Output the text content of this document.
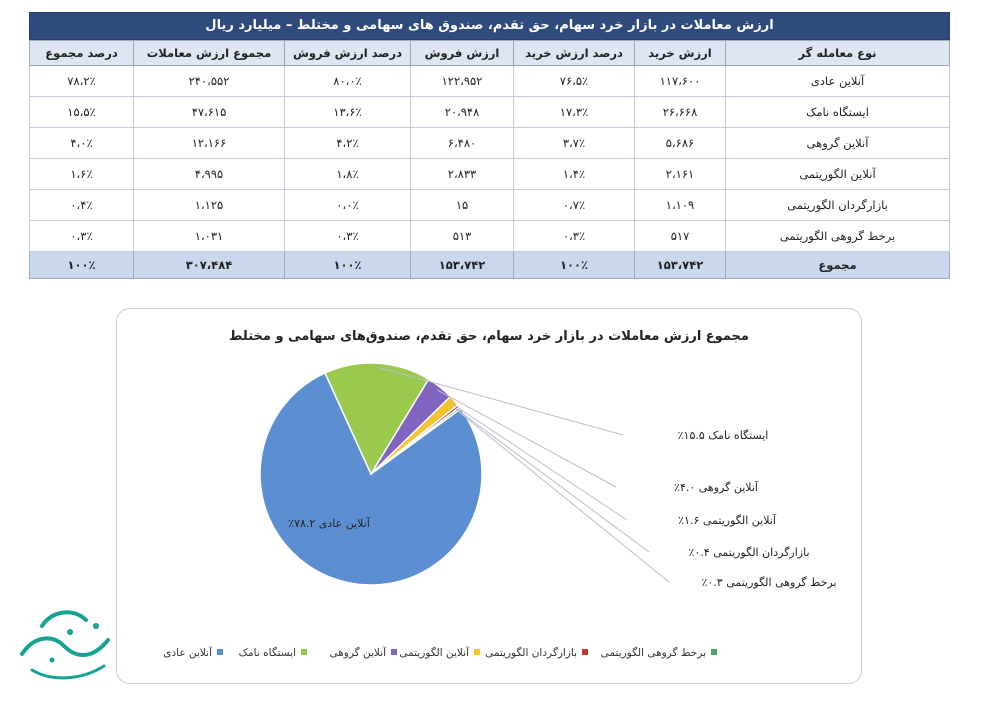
ارزش معاملات در بازار خرد سهام، حق تقدم، صندوق های سهامی و مختلط – میلیارد ریال
نوع معامله گر	ارزش خرید	درصد ارزش خرید	ارزش فروش	درصد ارزش فروش	مجموع ارزش معاملات	درصد مجموع
آنلاین عادی	۱۱۷،۶۰۰	۷۶،۵٪	۱۲۲،۹۵۲	۸۰،۰٪	۲۴۰،۵۵۲	۷۸،۲٪
ایستگاه نامک	۲۶،۶۶۸	۱۷،۳٪	۲۰،۹۴۸	۱۳،۶٪	۴۷،۶۱۵	۱۵،۵٪
آنلاین گروهی	۵،۶۸۶	۳،۷٪	۶،۴۸۰	۴،۲٪	۱۲،۱۶۶	۴،۰٪
آنلاین الگوریتمی	۲،۱۶۱	۱،۴٪	۲،۸۳۳	۱،۸٪	۴،۹۹۵	۱،۶٪
بازارگردان الگوریتمی	۱،۱۰۹	۰،۷٪	۱۵	۰،۰٪	۱،۱۲۵	۰،۴٪
برخط گروهی الگوریتمی	۵۱۷	۰،۳٪	۵۱۳	۰،۳٪	۱،۰۳۱	۰،۳٪
مجموع	۱۵۳،۷۴۲	۱۰۰٪	۱۵۳،۷۴۲	۱۰۰٪	۳۰۷،۴۸۴	۱۰۰٪
مجموع ارزش معاملات در بازار خرد سهام، حق تقدم، صندوق‌های سهامی و مختلط
آنلاین عادی ۷۸.۲٪
ایستگاه نامک ۱۵.۵٪
آنلاین گروهی ۴.۰٪
آنلاین الگوریتمی ۱.۶٪
بازارگردان الگوریتمی ۰.۴٪
برخط گروهی الگوریتمی ۰.۳٪
آنلاین عادی	ایستگاه نامک	آنلاین گروهی آنلاین الگوریتمی بازارگردان الگوریتمی برخط گروهی الگوریتمی
